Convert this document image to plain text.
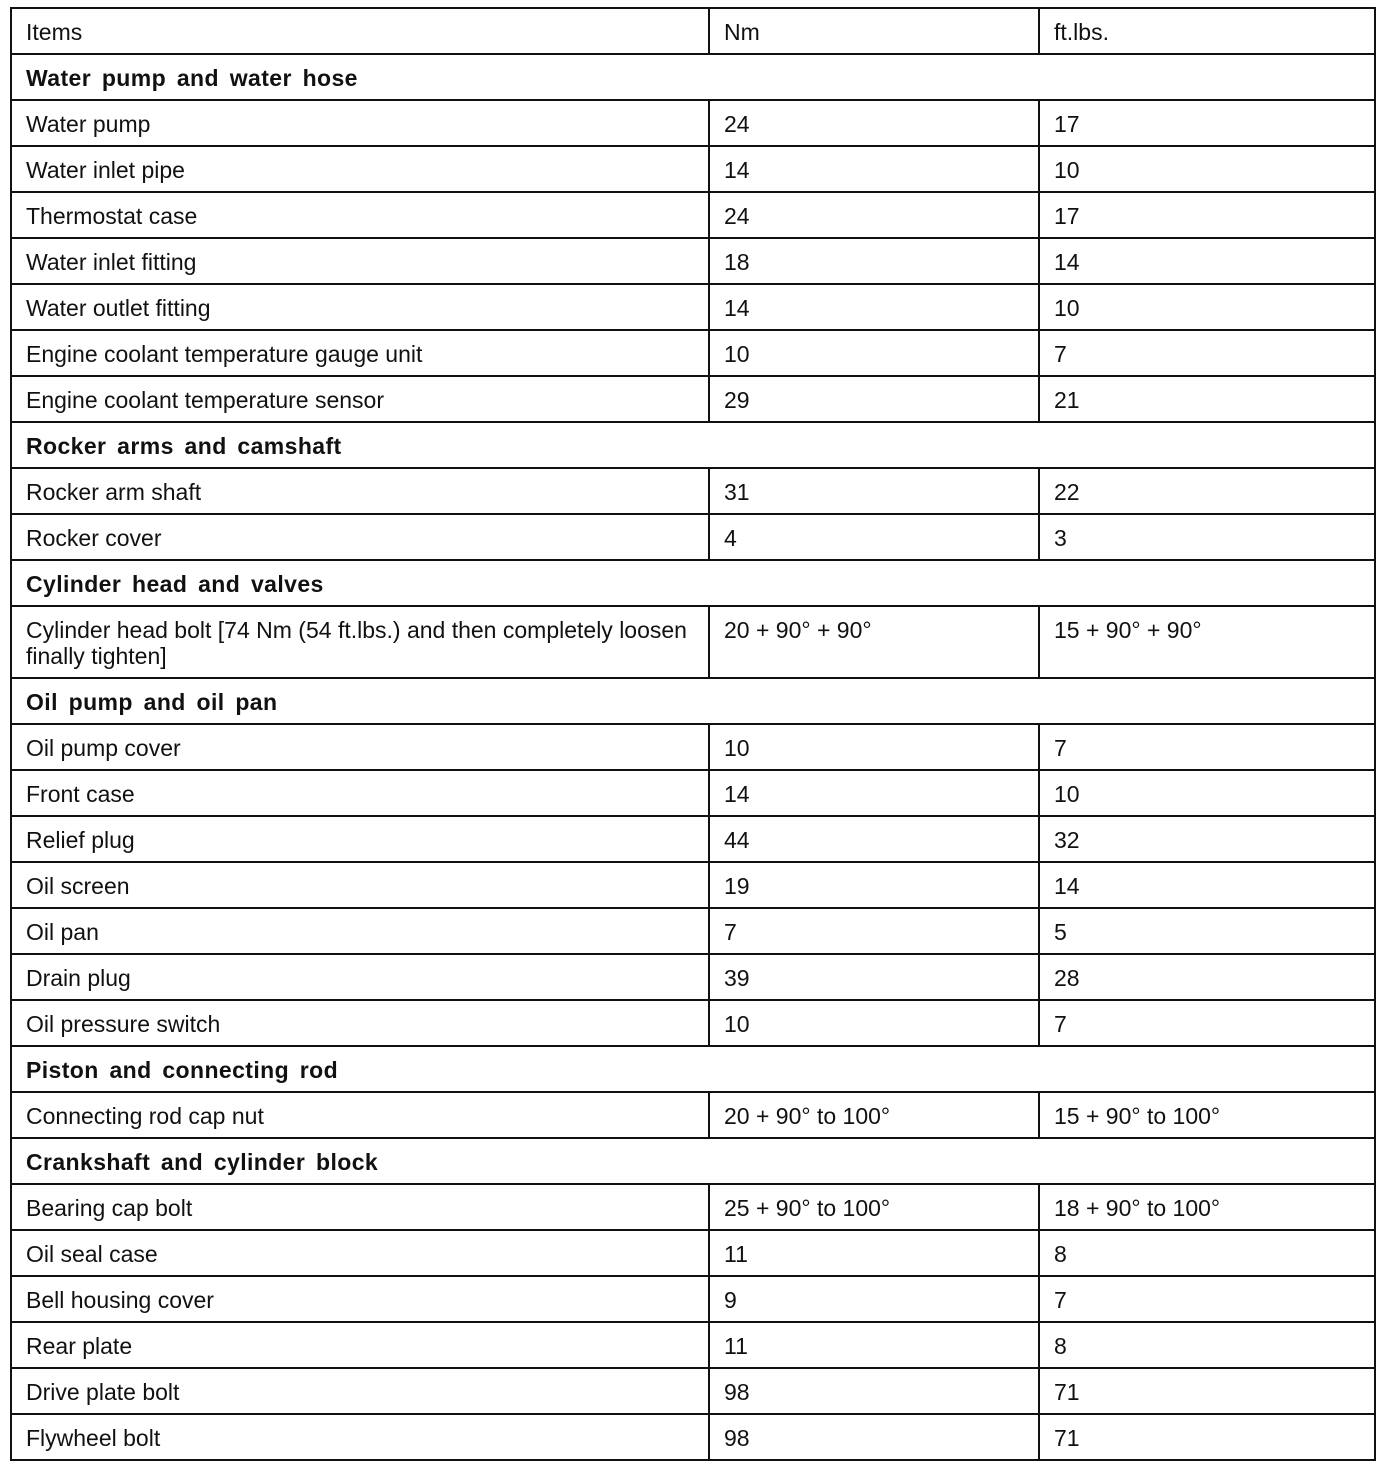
Items	Nm	ft.lbs.
Water pump and water hose		
Water pump	24	17
Water inlet pipe	14	10
Thermostat case	24	17
Water inlet fitting	18	14
Water outlet fitting	14	10
Engine coolant temperature gauge unit	10	7
Engine coolant temperature sensor	29	21
Rocker arms and camshaft		
Rocker arm shaft	31	22
Rocker cover	4	3
Cylinder head and valves		
Cylinder head bolt [74 Nm (54 ft.lbs.) and then completely loosen finally tighten]	20 + 90° + 90°	15 + 90° + 90°
Oil pump and oil pan		
Oil pump cover	10	7
Front case	14	10
Relief plug	44	32
Oil screen	19	14
Oil pan	7	5
Drain plug	39	28
Oil pressure switch	10	7
Piston and connecting rod		
Connecting rod cap nut	20 + 90° to 100°	15 + 90° to 100°
Crankshaft and cylinder block		
Bearing cap bolt	25 + 90° to 100°	18 + 90° to 100°
Oil seal case	11	8
Bell housing cover	9	7
Rear plate	11	8
Drive plate bolt	98	71
Flywheel bolt	98	71
